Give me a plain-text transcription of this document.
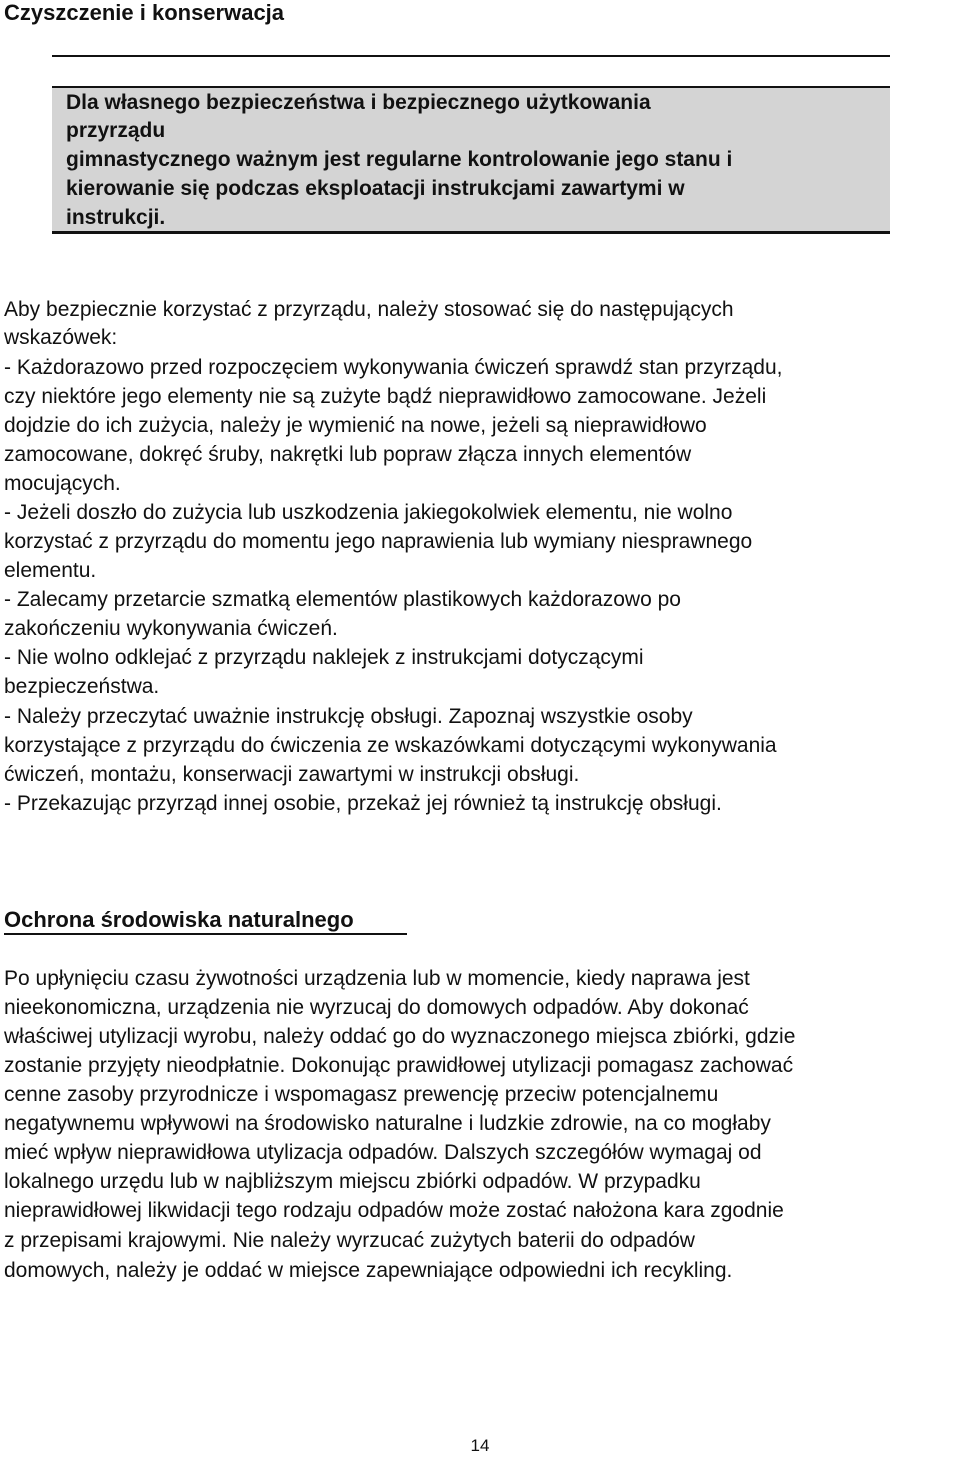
Czyszczenie i konserwacja
Dla własnego bezpieczeństwa i bezpiecznego użytkowania
przyrządu
gimnastycznego ważnym jest regularne kontrolowanie jego stanu i
kierowanie się podczas eksploatacji instrukcjami zawartymi w
instrukcji.
Aby bezpiecznie korzystać z przyrządu, należy stosować się do następujących
wskazówek:
- Każdorazowo przed rozpoczęciem wykonywania ćwiczeń sprawdź stan przyrządu,
czy niektóre jego elementy nie są zużyte bądź nieprawidłowo zamocowane. Jeżeli
dojdzie do ich zużycia, należy je wymienić na nowe, jeżeli są nieprawidłowo
zamocowane, dokręć śruby, nakrętki lub popraw złącza innych elementów
mocujących.
- Jeżeli doszło do zużycia lub uszkodzenia jakiegokolwiek elementu, nie wolno
korzystać z przyrządu do momentu jego naprawienia lub wymiany niesprawnego
elementu.
- Zalecamy przetarcie szmatką elementów plastikowych każdorazowo po
zakończeniu wykonywania ćwiczeń.
- Nie wolno odklejać z przyrządu naklejek z instrukcjami dotyczącymi
bezpieczeństwa.
- Należy przeczytać uważnie instrukcję obsługi. Zapoznaj wszystkie osoby
korzystające z przyrządu do ćwiczenia ze wskazówkami dotyczącymi wykonywania
ćwiczeń, montażu, konserwacji zawartymi w instrukcji obsługi.
- Przekazując przyrząd innej osobie, przekaż jej również tą instrukcję obsługi.
Ochrona środowiska naturalnego
Po upłynięciu czasu żywotności urządzenia lub w momencie, kiedy naprawa jest
nieekonomiczna, urządzenia nie wyrzucaj do domowych odpadów. Aby dokonać
właściwej utylizacji wyrobu, należy oddać go do wyznaczonego miejsca zbiórki, gdzie
zostanie przyjęty nieodpłatnie. Dokonując prawidłowej utylizacji pomagasz zachować
cenne zasoby przyrodnicze i wspomagasz prewencję przeciw potencjalnemu
negatywnemu wpływowi na środowisko naturalne i ludzkie zdrowie, na co mogłaby
mieć wpływ nieprawidłowa utylizacja odpadów. Dalszych szczegółów wymagaj od
lokalnego urzędu lub w najbliższym miejscu zbiórki odpadów. W przypadku
nieprawidłowej likwidacji tego rodzaju odpadów może zostać nałożona kara zgodnie
z przepisami krajowymi. Nie należy wyrzucać zużytych baterii do odpadów
domowych, należy je oddać w miejsce zapewniające odpowiedni ich recykling.
14
